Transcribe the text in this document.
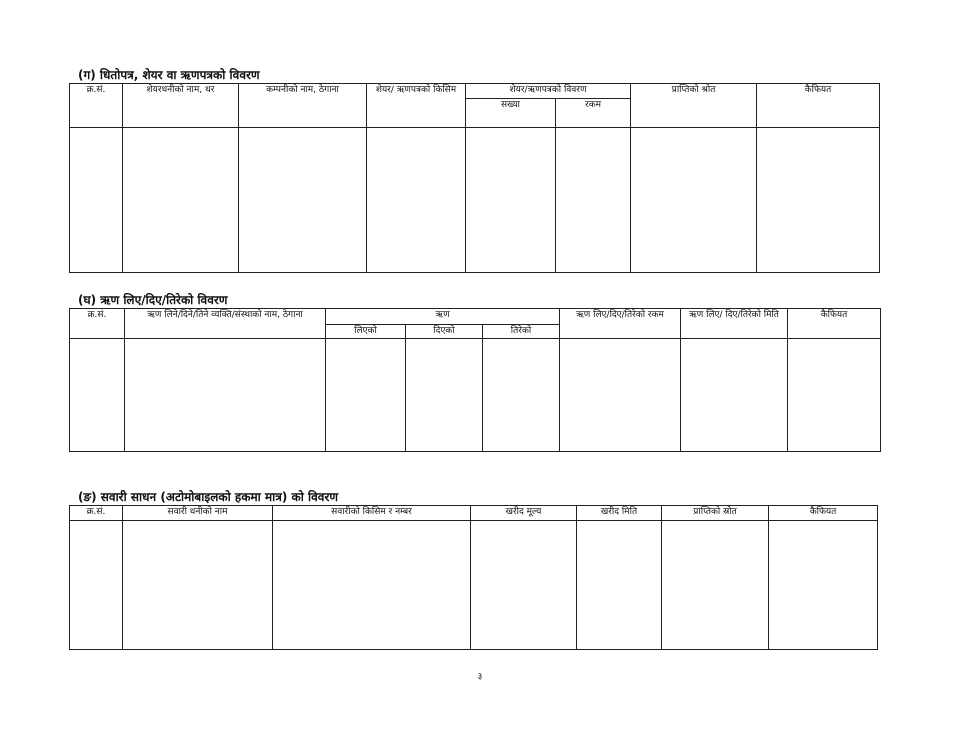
(ग) धितोपत्र, शेयर वा ऋणपत्रको विवरण
क्र.सं.	शेयरधनीको नाम, थर	कम्पनीको नाम, ठेगाना	शेयर/ ऋणपत्रको किसिम	शेयर/ऋणपत्रको विवरण		प्राप्तिको श्रोत	कैफियत
				सख्या	रकम		

(घ) ऋण लिए/दिए/तिरेको विवरण
क्र.सं.	ऋण लिने/दिने/तिने व्यक्ति/संस्थाको नाम, ठेगाना	ऋण			ऋण लिए/दिए/तिरेको रकम	ऋण लिए/ दिए/तिरेको मिति	कैफियत
		लिएको	दिएको	तिरेको			

(ङ) सवारी साधन (अटोमोबाइलको हकमा मात्र) को विवरण
क्र.सं.	सवारी धनीको नाम	सवारीको किसिम र नम्बर	खरीद मूल्य	खरीद मिति	प्राप्तिको स्रोत	कैफियत

३
